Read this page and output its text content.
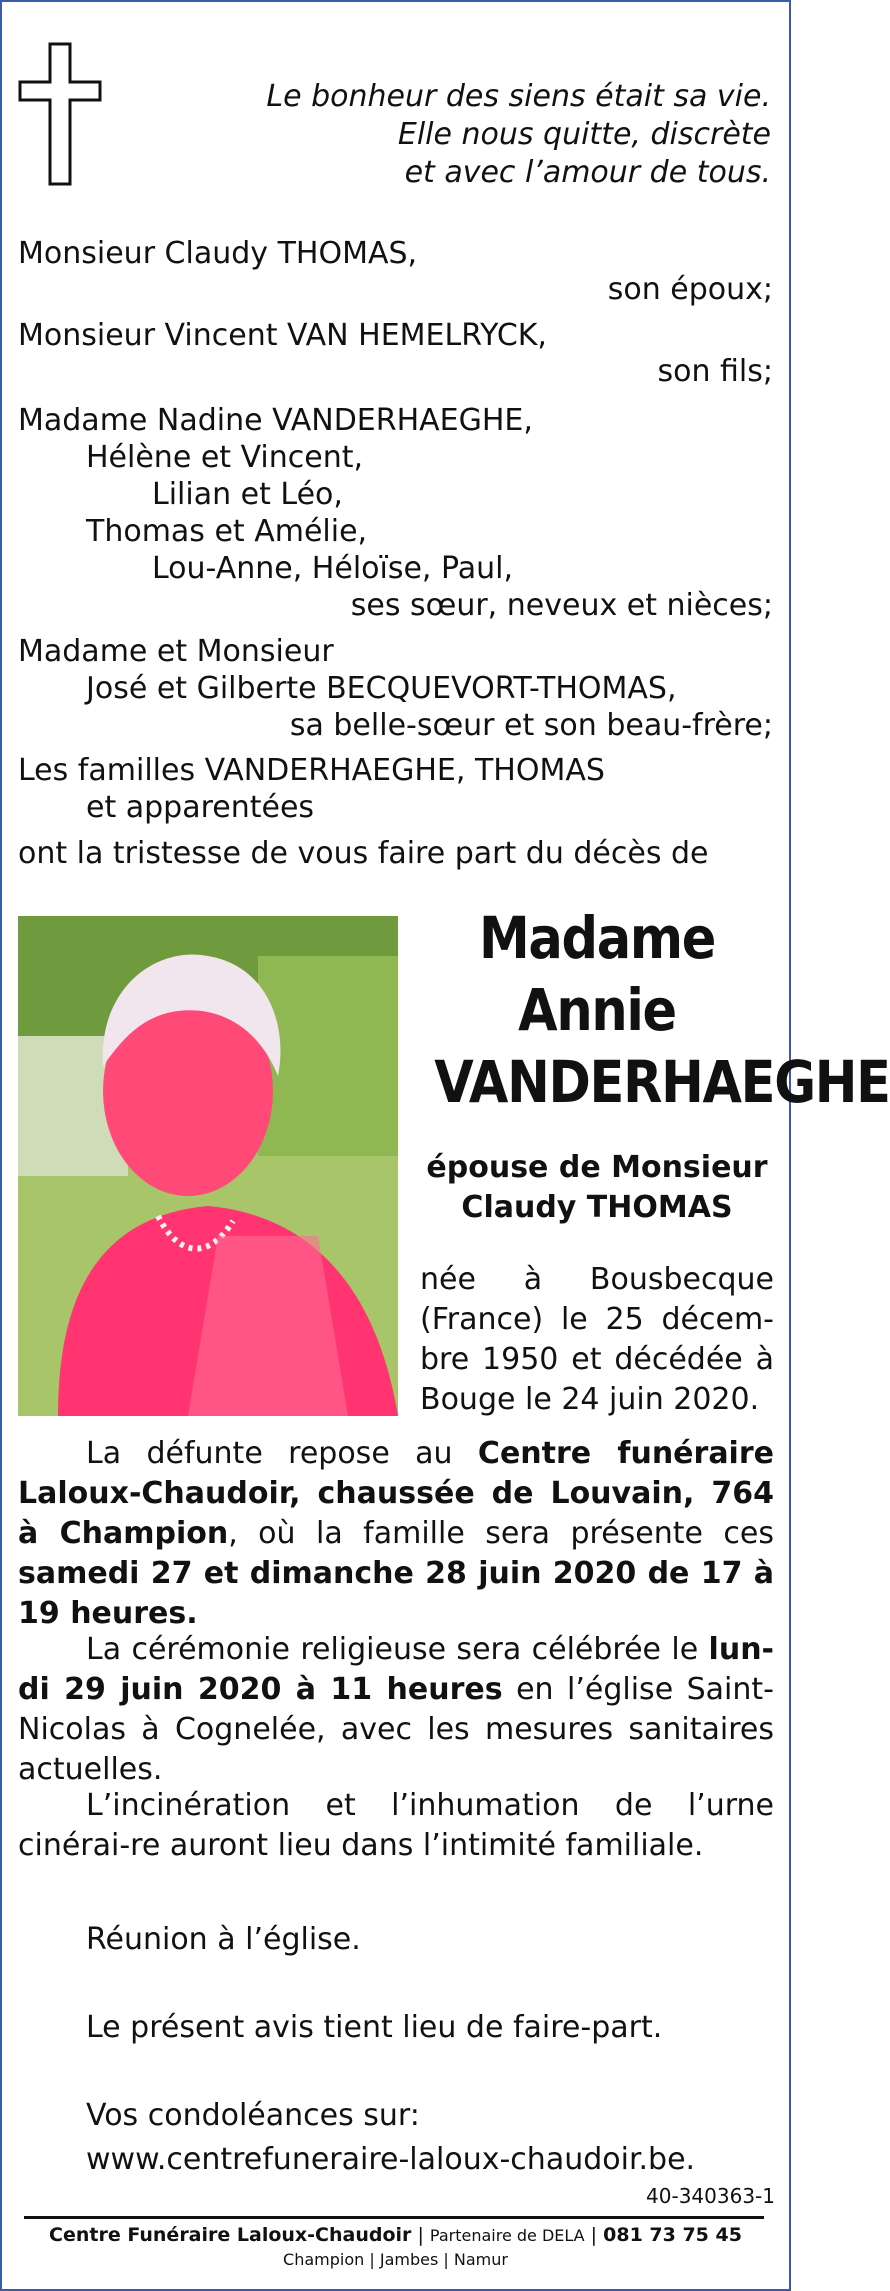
Le bonheur des siens était sa vie.
Elle nous quitte, discrète
et avec l’amour de tous.
Monsieur Claudy THOMAS,
son époux;
Monsieur Vincent VAN HEMELRYCK,
son fils;
Madame Nadine VANDERHAEGHE,
Hélène et Vincent,
Lilian et Léo,
Thomas et Amélie,
Lou-Anne, Héloïse, Paul,
ses sœur, neveux et nièces;
Madame et Monsieur
José et Gilberte BECQUEVORT-THOMAS,
sa belle-sœur et son beau-frère;
Les familles VANDERHAEGHE, THOMAS
et apparentées
ont la tristesse de vous faire part du décès de
Madame
Annie
VANDERHAEGHE
épouse de Monsieur
Claudy THOMAS
née à Bousbecque
(France) le 25 décem-
bre 1950 et décédée à
Bouge le 24 juin 2020.
La défunte repose au Centre funéraire Laloux-Chaudoir, chaussée de Louvain, 764 à Champion, où la famille sera présente ces samedi 27 et dimanche 28 juin 2020 de 17 à 19 heures.
La cérémonie religieuse sera célébrée le lun-di 29 juin 2020 à 11 heures en l’église Saint-Nicolas à Cognelée, avec les mesures sanitaires actuelles.
L’incinération et l’inhumation de l’urne cinérai-re auront lieu dans l’intimité familiale.
Réunion à l’église.
Le présent avis tient lieu de faire-part.
Vos condoléances sur:
www.centrefuneraire-laloux-chaudoir.be.
40-340363-1
Centre Funéraire Laloux-Chaudoir | Partenaire de DELA | 081 73 75 45
Champion | Jambes | Namur
